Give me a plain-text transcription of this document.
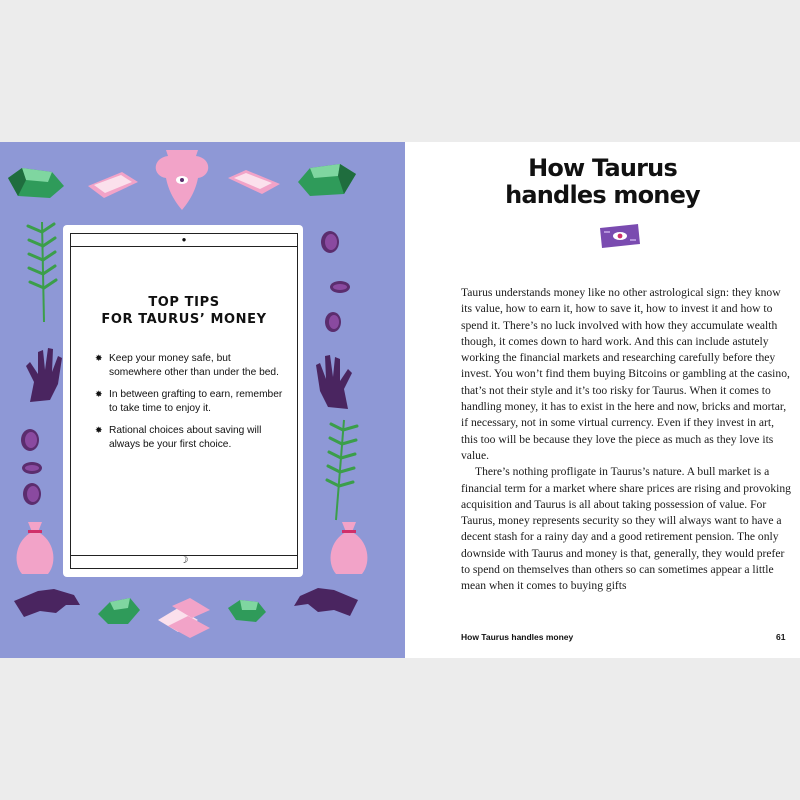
●
TOP TIPS
FOR TAURUS’ MONEY
✸ Keep your money safe, but somewhere other than under the bed.
✸ In between grafting to earn, remember to take time to enjoy it.
✸ Rational choices about saving will always be your first choice.
☽
How Taurus
handles money

Taurus understands money like no other astrological sign: they know its value, how to earn it, how to save it, how to invest it and how to spend it. There’s no luck involved with how they accumulate wealth though, it comes down to hard work. And this can include astutely working the financial markets and researching carefully before they invest. You won’t find them buying Bitcoins or gambling at the casino, that’s not their style and it’s too risky for Taurus. When it comes to handling money, it has to exist in the here and now, bricks and mortar, if necessary, not in some virtual currency. Even if they invest in art, this too will be because they love the piece as much as they love its value.

There’s nothing profligate in Taurus’s nature. A bull market is a financial term for a market where share prices are rising and provoking acquisition and Taurus is all about taking possession of value. For Taurus, money represents security so they will always want to have a decent stash for a rainy day and a good retirement pension. The only downside with Taurus and money is that, generally, they would prefer to spend on themselves than others so can sometimes appear a little mean when it comes to buying gifts

How Taurus handles money	61
